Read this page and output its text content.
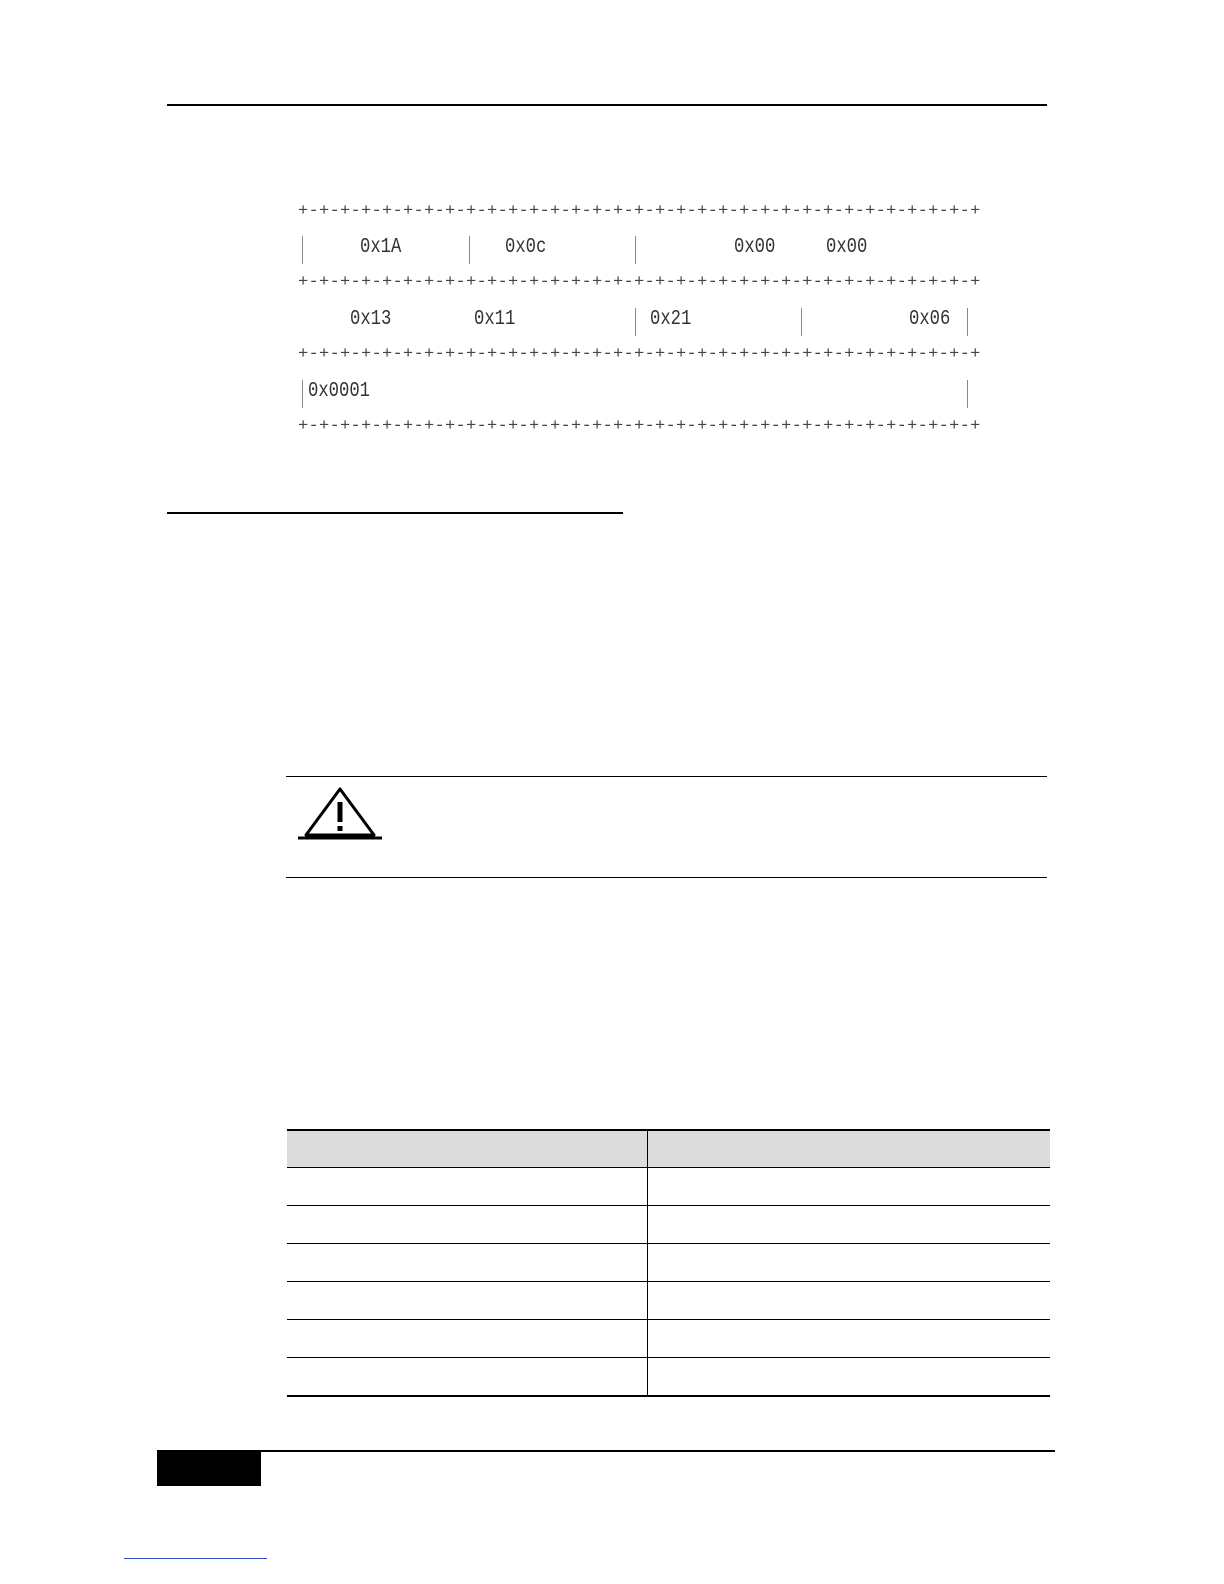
+-+-+-+-+-+-+-+-+-+-+-+-+-+-+-+-+-+-+-+-+-+-+-+-+-+-+-+-+-+-+-+-+
0x1A	0x0c	0x00 0x00
+-+-+-+-+-+-+-+-+-+-+-+-+-+-+-+-+-+-+-+-+-+-+-+-+-+-+-+-+-+-+-+-+
0x13	0x11	0x21	0x06
+-+-+-+-+-+-+-+-+-+-+-+-+-+-+-+-+-+-+-+-+-+-+-+-+-+-+-+-+-+-+-+-+
0x0001
+-+-+-+-+-+-+-+-+-+-+-+-+-+-+-+-+-+-+-+-+-+-+-+-+-+-+-+-+-+-+-+-+
